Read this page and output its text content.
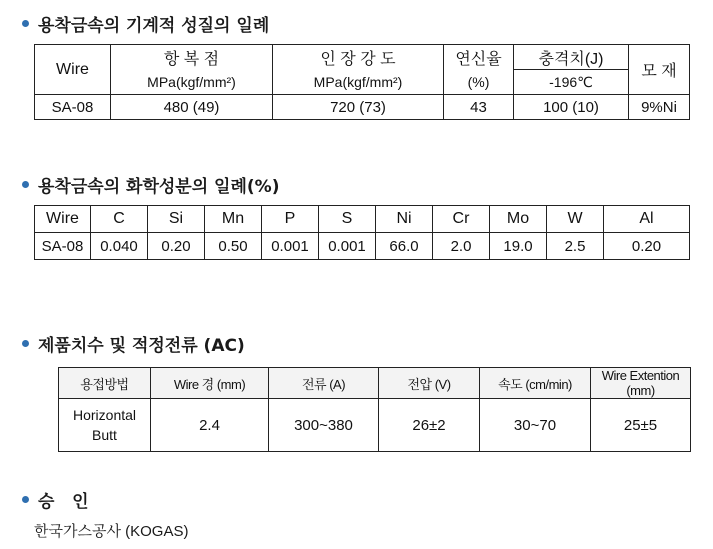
용착금속의 기계적 성질의 일례
Wire	항 복 점	인 장 강 도	연신율	충격치(J)	모 재
	MPa(kgf/mm²)	MPa(kgf/mm²)	(%)	-196℃	
SA-08	480 (49)	720 (73)	43	100 (10)	9%Ni
용착금속의 화학성분의 일례(%)
Wire	C	Si	Mn	P	S	Ni	Cr	Mo	W	Al
SA-08	0.040	0.20	0.50	0.001	0.001	66.0	2.0	19.0	2.5	0.20
제품치수 및 적정전류 (AC)
용접방법	Wire 경 (mm)	전류 (A)	전압 (V)	속도 (cm/min)	Wire Extention (mm)

Horizontal
Butt	2.4	300~380	26±2	30~70	25±5
승   인
한국가스공사 (KOGAS)
